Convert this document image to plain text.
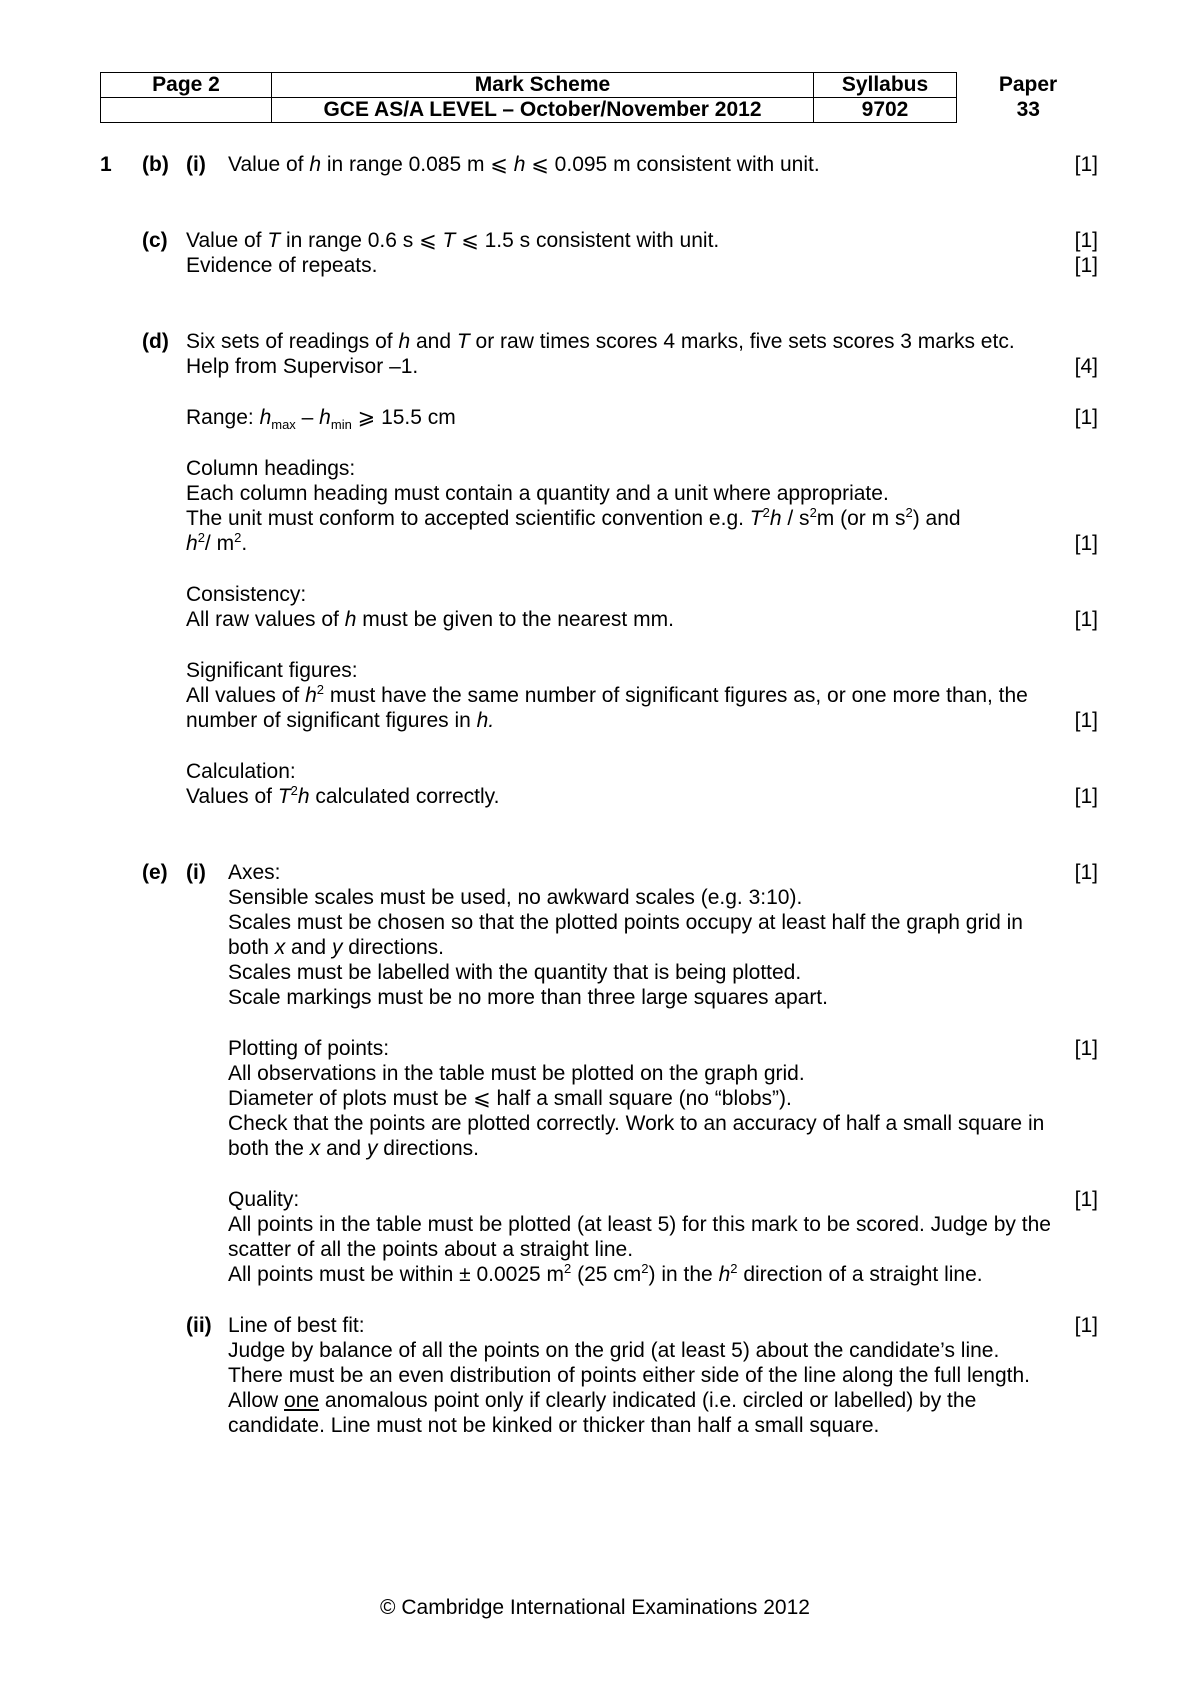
Page 2	Mark Scheme	Syllabus	Paper
	GCE AS/A LEVEL – October/November 2012	9702	33
1 (b) (i) Value of h in range 0.085 m ⩽ h ⩽ 0.095 m consistent with unit.	[1]
(c) Value of T in range 0.6 s ⩽ T ⩽ 1.5 s consistent with unit.	[1]
Evidence of repeats.	[1]
(d) Six sets of readings of h and T or raw times scores 4 marks, five sets scores 3 marks etc.
Help from Supervisor –1.	[4]
Range: $h_{max} - h_{min}$ ⩾ 15.5 cm	[1]
Column headings:
Each column heading must contain a quantity and a unit where appropriate.
The unit must conform to accepted scientific convention e.g. $T^2h / s^2m$ (or m $s^2$) and
$h^2/$ $m^2$.	[1]
Consistency:
All raw values of h must be given to the nearest mm.	[1]
Significant figures:
All values of $h^2$ must have the same number of significant figures as, or one more than, the
number of significant figures in h.	[1]
Calculation:
Values of $T^2h$ calculated correctly.	[1]
(e) (i) Axes:	[1]
Sensible scales must be used, no awkward scales (e.g. 3:10).
Scales must be chosen so that the plotted points occupy at least half the graph grid in
both x and y directions.
Scales must be labelled with the quantity that is being plotted.
Scale markings must be no more than three large squares apart.
Plotting of points:	[1]
All observations in the table must be plotted on the graph grid.
Diameter of plots must be ⩽ half a small square (no “blobs”).
Check that the points are plotted correctly. Work to an accuracy of half a small square in
both the x and y directions.
Quality:	[1]
All points in the table must be plotted (at least 5) for this mark to be scored. Judge by the
scatter of all the points about a straight line.
All points must be within ± 0.0025 $m^2$ (25 $cm^2$) in the $h^2$ direction of a straight line.
(ii) Line of best fit:	[1]
Judge by balance of all the points on the grid (at least 5) about the candidate’s line.
There must be an even distribution of points either side of the line along the full length.
Allow one anomalous point only if clearly indicated (i.e. circled or labelled) by the
candidate. Line must not be kinked or thicker than half a small square.
© Cambridge International Examinations 2012
